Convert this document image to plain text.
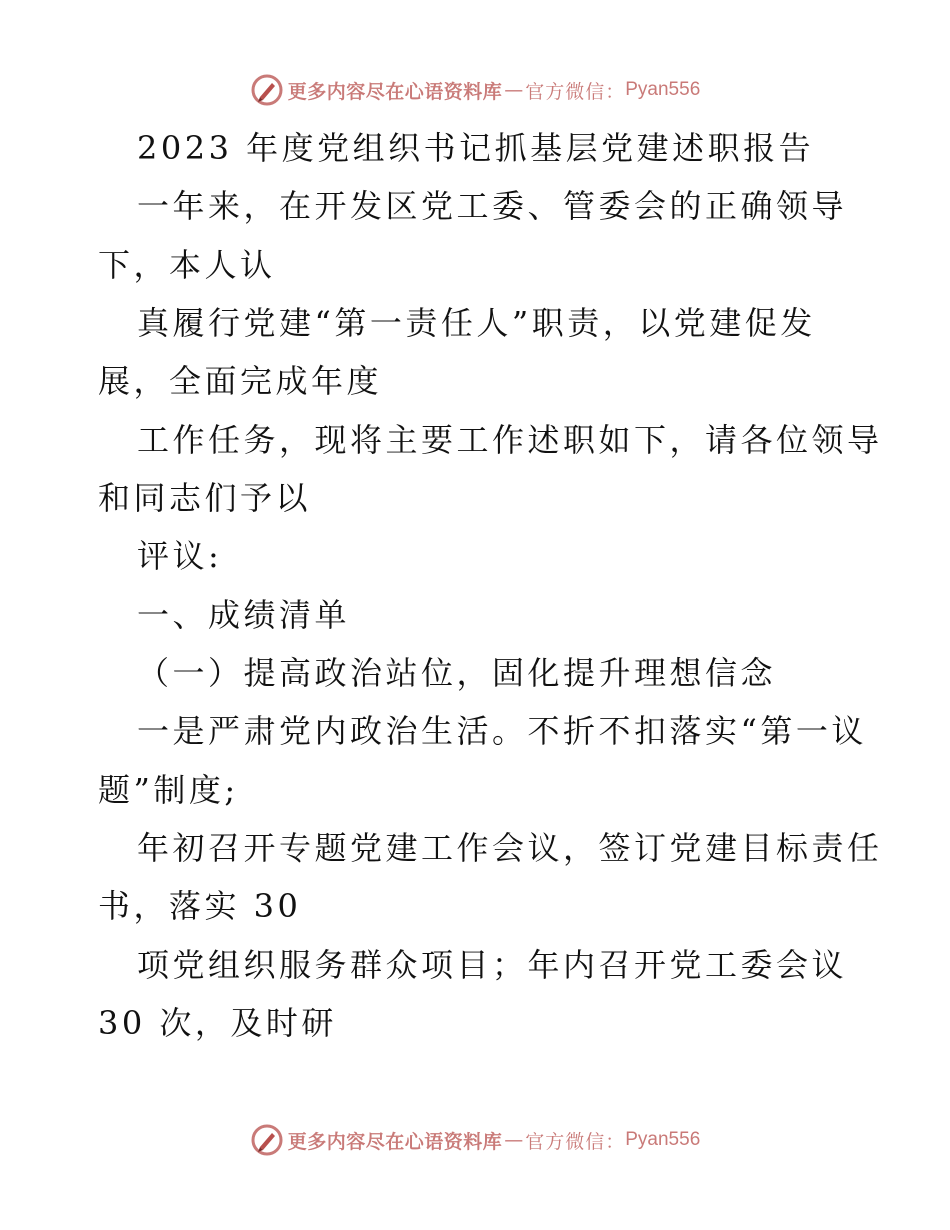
更多内容尽在心语资料库 — 官方微信： Pyan556
2023 年度党组织书记抓基层党建述职报告
一年来，在开发区党工委、管委会的正确领导
下，本人认
真履行党建“第一责任人”职责，以党建促发
展，全面完成年度
工作任务，现将主要工作述职如下，请各位领导
和同志们予以
评议:
一、成绩清单
（一）提高政治站位，固化提升理想信念
一是严肃党内政治生活。不折不扣落实“第一议
题”制度;
年初召开专题党建工作会议，签订党建目标责任
书，落实 30
项党组织服务群众项目；年内召开党工委会议
30 次，及时研
更多内容尽在心语资料库 — 官方微信： Pyan556
